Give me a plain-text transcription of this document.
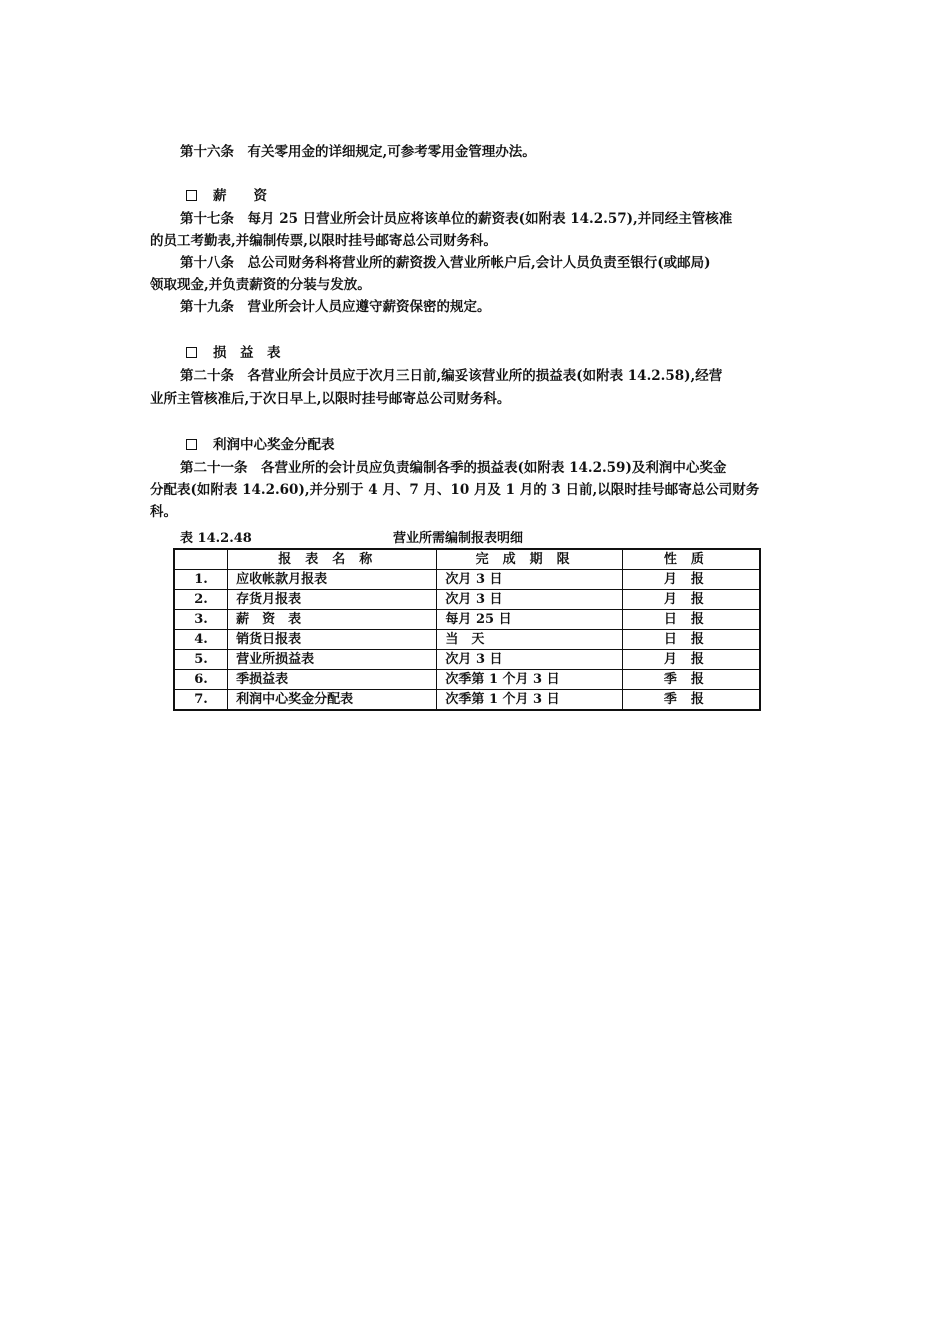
第十六条　有关零用金的详细规定,可参考零用金管理办法。
薪　　资
第十七条　每月 25 日营业所会计员应将该单位的薪资表(如附表 14.2.57),并同经主管核准
的员工考勤表,并编制传票,以限时挂号邮寄总公司财务科。
第十八条　总公司财务科将营业所的薪资拨入营业所帐户后,会计人员负责至银行(或邮局)
领取现金,并负责薪资的分装与发放。
第十九条　营业所会计人员应遵守薪资保密的规定。
损　益　表
第二十条　各营业所会计员应于次月三日前,编妥该营业所的损益表(如附表 14.2.58),经营
业所主管核准后,于次日早上,以限时挂号邮寄总公司财务科。
利润中心奖金分配表
第二十一条　各营业所的会计员应负责编制各季的损益表(如附表 14.2.59)及利润中心奖金
分配表(如附表 14.2.60),并分别于 4 月、7 月、10 月及 1 月的 3 日前,以限时挂号邮寄总公司财务
科。
表 14.2.48	营业所需编制报表明细
	报表名称	完成期限	性质
1.	应收帐款月报表	次月 3 日	月报
2.	存货月报表	次月 3 日	月报
3.	薪　资　表	每月 25 日	日报
4.	销货日报表	当　天	日报
5.	营业所损益表	次月 3 日	月报
6.	季损益表	次季第 1 个月 3 日	季报
7.	利润中心奖金分配表	次季第 1 个月 3 日	季报
